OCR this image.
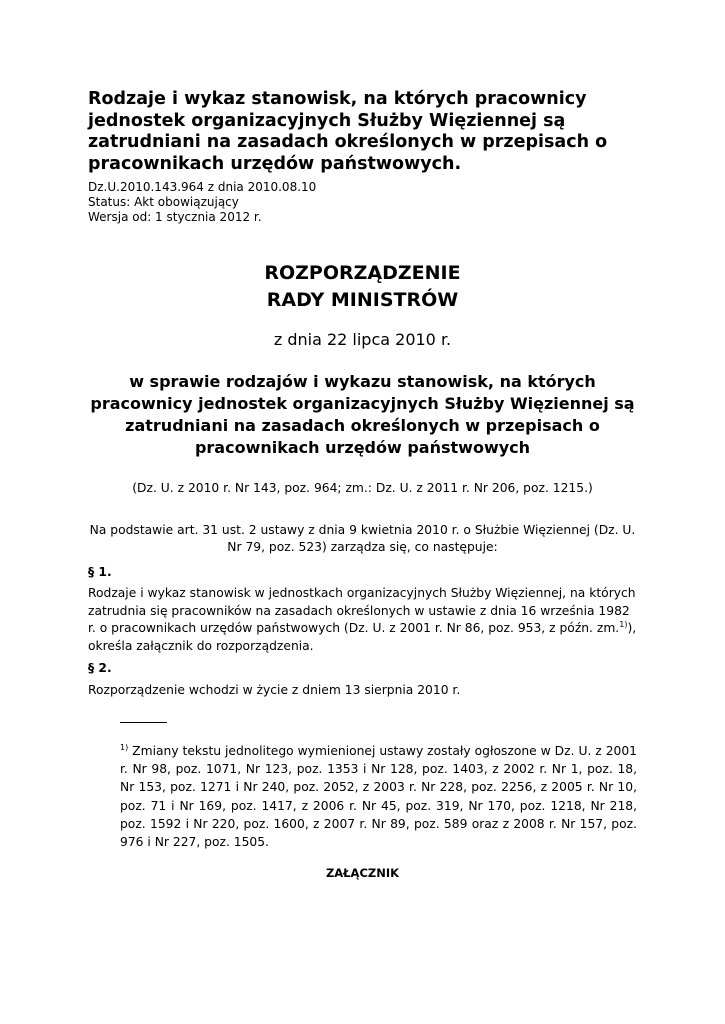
Rodzaje i wykaz stanowisk, na których pracownicy jednostek organizacyjnych Służby Więziennej są zatrudniani na zasadach określonych w przepisach o pracownikach urzędów państwowych.
Dz.U.2010.143.964 z dnia 2010.08.10
Status: Akt obowiązujący
Wersja od: 1 stycznia 2012 r.
ROZPORZĄDZENIE
RADY MINISTRÓW
z dnia 22 lipca 2010 r.
w sprawie rodzajów i wykazu stanowisk, na których pracownicy jednostek organizacyjnych Służby Więziennej są zatrudniani na zasadach określonych w przepisach o pracownikach urzędów państwowych
(Dz. U. z 2010 r. Nr 143, poz. 964; zm.: Dz. U. z 2011 r. Nr 206, poz. 1215.)
Na podstawie art. 31 ust. 2 ustawy z dnia 9 kwietnia 2010 r. o Służbie Więziennej (Dz. U. Nr 79, poz. 523) zarządza się, co następuje:
§ 1.
Rodzaje i wykaz stanowisk w jednostkach organizacyjnych Służby Więziennej, na których zatrudnia się pracowników na zasadach określonych w ustawie z dnia 16 września 1982 r. o pracownikach urzędów państwowych (Dz. U. z 2001 r. Nr 86, poz. 953, z późn. zm.$^{1)}$), określa załącznik do rozporządzenia.
§ 2.
Rozporządzenie wchodzi w życie z dniem 13 sierpnia 2010 r.
$^{1)}$ Zmiany tekstu jednolitego wymienionej ustawy zostały ogłoszone w Dz. U. z 2001 r. Nr 98, poz. 1071, Nr 123, poz. 1353 i Nr 128, poz. 1403, z 2002 r. Nr 1, poz. 18, Nr 153, poz. 1271 i Nr 240, poz. 2052, z 2003 r. Nr 228, poz. 2256, z 2005 r. Nr 10, poz. 71 i Nr 169, poz. 1417, z 2006 r. Nr 45, poz. 319, Nr 170, poz. 1218, Nr 218, poz. 1592 i Nr 220, poz. 1600, z 2007 r. Nr 89, poz. 589 oraz z 2008 r. Nr 157, poz. 976 i Nr 227, poz. 1505.
ZAŁĄCZNIK
